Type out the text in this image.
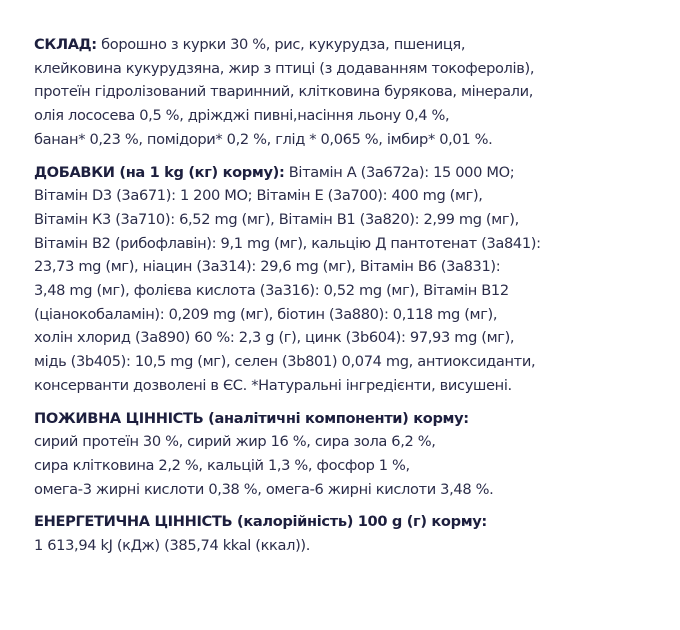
СКЛАД: борошно з курки 30 %, рис, кукурудза, пшениця,
клейковина кукурудзяна, жир з птиці (з додаванням токоферолів),
протеїн гідролізований тваринний, клітковина бурякова, мінерали,
олія лососева 0,5 %, дріжджі пивні,насіння льону 0,4 %,
банан* 0,23 %, помідори* 0,2 %, глід * 0,065 %, імбир* 0,01 %.
ДОБАВКИ (на 1 kg (кг) корму): Вітамін А (3a672a): 15 000 МО;
Вітамін D3 (3a671): 1 200 МО; Вітамін Е (3a700): 400 mg (мг),
Вітамін К3 (3a710): 6,52 mg (мг), Вітамін В1 (3a820): 2,99 mg (мг),
Вітамін В2 (рибофлавін): 9,1 mg (мг), кальцію Д пантотенат (3a841):
23,73 mg (мг), ніацин (3a314): 29,6 mg (мг), Вітамін В6 (3a831):
3,48 mg (мг), фолієва кислота (3a316): 0,52 mg (мг), Вітамін В12
(ціанокобаламін): 0,209 mg (мг), біотин (3a880): 0,118 mg (мг),
холін хлорид (3a890) 60 %: 2,3 g (г), цинк (3b604): 97,93 mg (мг),
мідь (3b405): 10,5 mg (мг), селен (3b801) 0,074 mg, антиоксиданти,
консерванти дозволені в ЄС. *Натуральні інгредієнти, висушені.
ПОЖИВНА ЦІННІСТЬ (аналітичні компоненти) корму:
сирий протеїн 30 %, сирий жир 16 %, сира зола 6,2 %,
сира клітковина 2,2 %, кальцій 1,3 %, фосфор 1 %,
омега-3 жирні кислоти 0,38 %, омега-6 жирні кислоти 3,48 %.
ЕНЕРГЕТИЧНА ЦІННІСТЬ (калорійність) 100 g (г) корму:
1 613,94 kJ (кДж) (385,74 kkal (ккал)).
